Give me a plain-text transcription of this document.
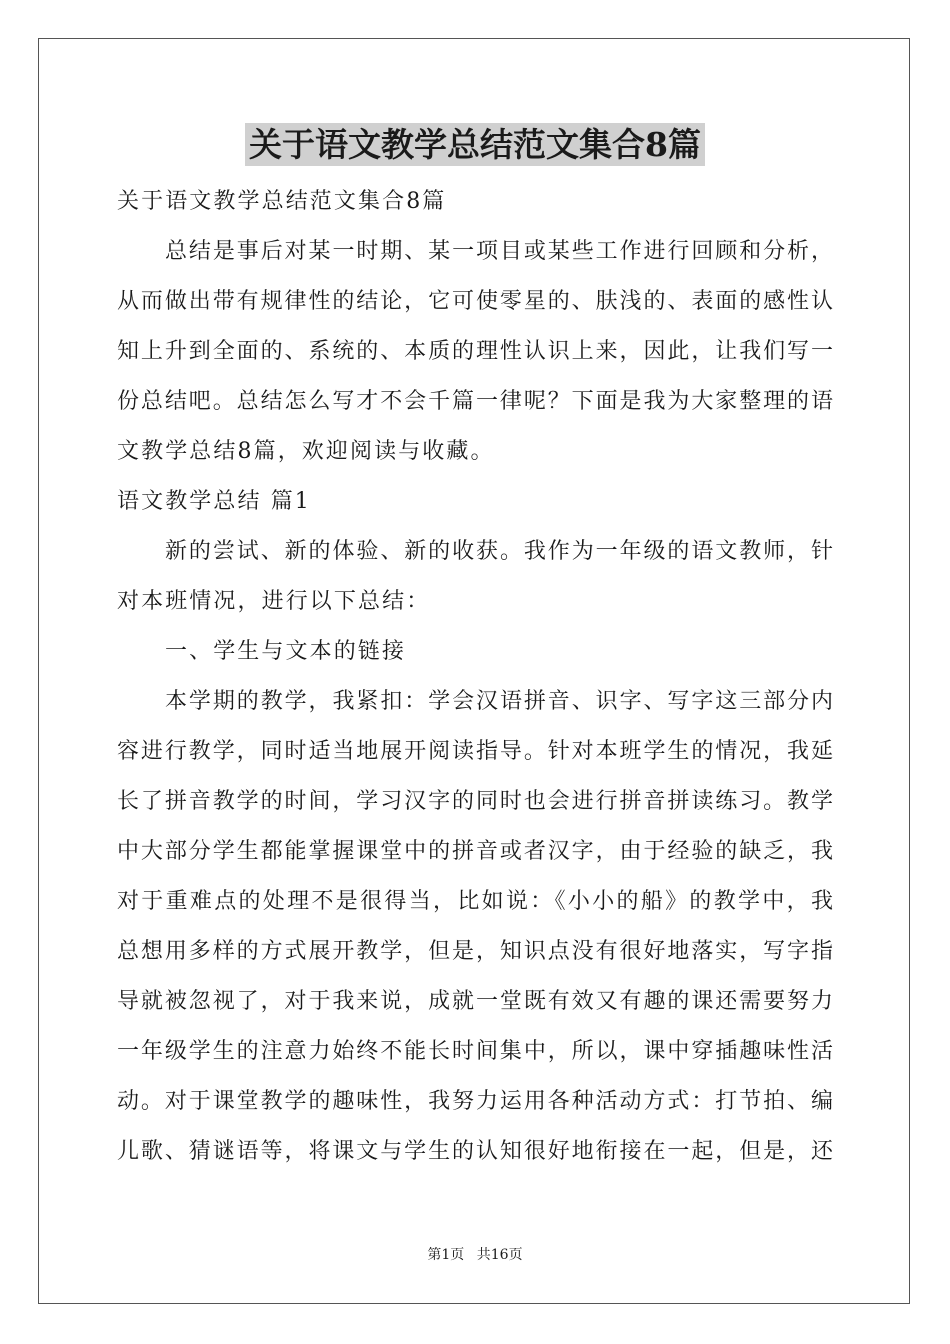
关于语文教学总结范文集合8篇
关于语文教学总结范文集合8篇
总结是事后对某一时期、某一项目或某些工作进行回顾和分析，
从而做出带有规律性的结论，它可使零星的、肤浅的、表面的感性认
知上升到全面的、系统的、本质的理性认识上来，因此，让我们写一
份总结吧。总结怎么写才不会千篇一律呢？下面是我为大家整理的语
文教学总结8篇，欢迎阅读与收藏。
语文教学总结 篇1
新的尝试、新的体验、新的收获。我作为一年级的语文教师，针
对本班情况，进行以下总结：
一、学生与文本的链接
本学期的教学，我紧扣：学会汉语拼音、识字、写字这三部分内
容进行教学，同时适当地展开阅读指导。针对本班学生的情况，我延
长了拼音教学的时间，学习汉字的同时也会进行拼音拼读练习。教学
中大部分学生都能掌握课堂中的拼音或者汉字，由于经验的缺乏，我
对于重难点的处理不是很得当，比如说：《小小的船》的教学中，我
总想用多样的方式展开教学，但是，知识点没有很好地落实，写字指
导就被忽视了，对于我来说，成就一堂既有效又有趣的课还需要努力
一年级学生的注意力始终不能长时间集中，所以，课中穿插趣味性活
动。对于课堂教学的趣味性，我努力运用各种活动方式：打节拍、编
儿歌、猜谜语等，将课文与学生的认知很好地衔接在一起，但是，还
第1页 共16页
